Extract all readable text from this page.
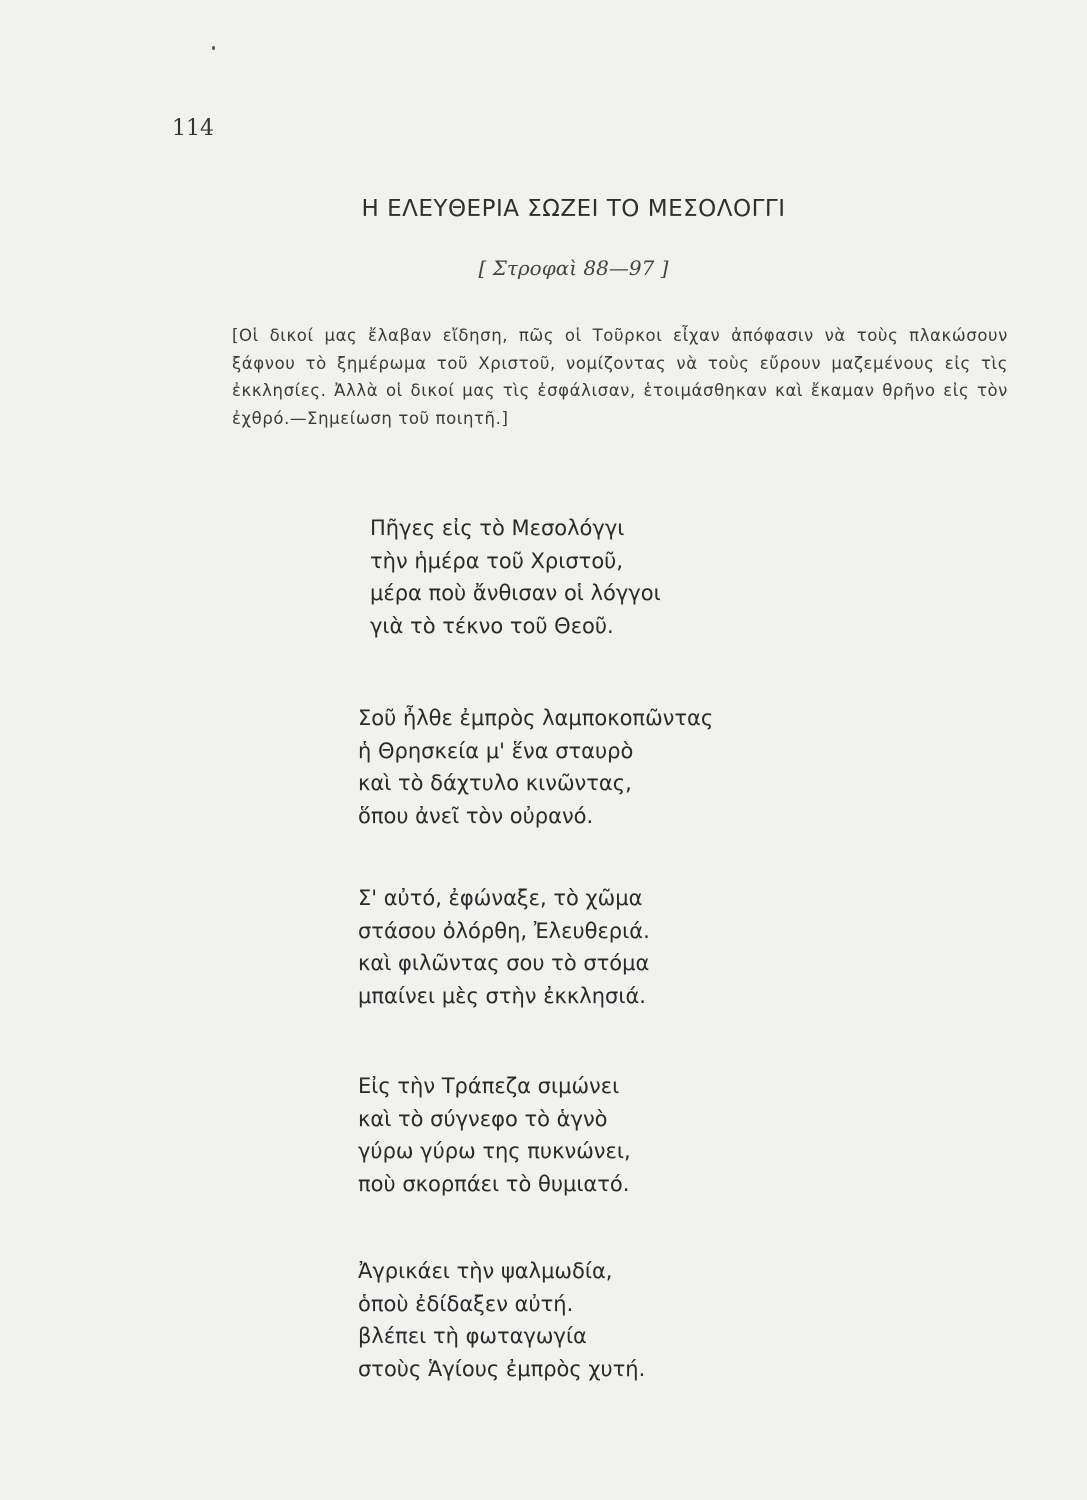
114
Η ΕΛΕΥΘΕΡΙΑ ΣΩΖΕΙ ΤΟ ΜΕΣΟΛΟΓΓΙ
[ Στροφαὶ 88—97 ]

[Οἱ δικοί μας ἔλαβαν εἴδηση, πῶς οἱ Τοῦρκοι εἶχαν ἀπόφασιν νὰ τοὺς πλακώσουν ξάφνου τὸ ξημέρωμα τοῦ Χριστοῦ, νομίζοντας νὰ τοὺς εὔρουν μαζεμένους εἰς τὶς ἐκκλησίες. Ἀλλὰ οἱ δικοί μας τὶς ἐσφάλισαν, ἑτοιμάσθηκαν καὶ ἔκαμαν θρῆνο εἰς τὸν ἐχθρό.—Σημείωση τοῦ ποιητῆ.]

Πῆγες εἰς τὸ Μεσολόγγι
τὴν ἡμέρα τοῦ Χριστοῦ,
μέρα ποὺ ἄνθισαν οἱ λόγγοι
γιὰ τὸ τέκνο τοῦ Θεοῦ.
Σοῦ ἦλθε ἐμπρὸς λαμποκοπῶντας
ἡ Θρησκεία μ' ἕνα σταυρὸ
καὶ τὸ δάχτυλο κινῶντας,
ὅπου ἀνεῖ τὸν οὐρανό.
Σ' αὐτό, ἐφώναξε, τὸ χῶμα
στάσου ὀλόρθη, Ἐλευθεριά.
καὶ φιλῶντας σου τὸ στόμα
μπαίνει μὲς στὴν ἐκκλησιά.
Εἰς τὴν Τράπεζα σιμώνει
καὶ τὸ σύγνεφο τὸ ἁγνὸ
γύρω γύρω της πυκνώνει,
ποὺ σκορπάει τὸ θυμιατό.
Ἀγρικάει τὴν ψαλμωδία,
ὁποὺ ἐδίδαξεν αὐτή.
βλέπει τὴ φωταγωγία
στοὺς Ἁγίους ἐμπρὸς χυτή.
